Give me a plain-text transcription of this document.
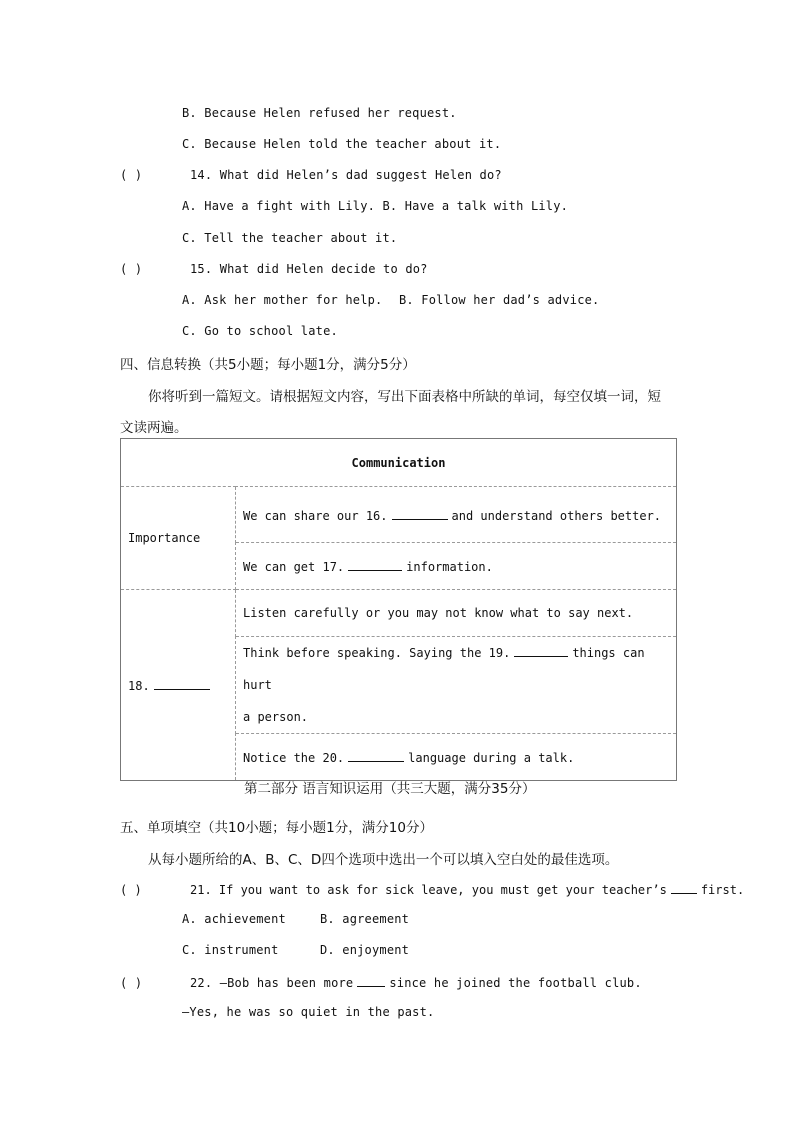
B. Because Helen refused her request.
C. Because Helen told the teacher about it.
( )	14. What did Helen’s dad suggest Helen do?
A. Have a fight with Lily. B. Have a talk with Lily.
C. Tell the teacher about it.
( )	15. What did Helen decide to do?
A. Ask her mother for help. B. Follow her dad’s advice.
C. Go to school late.
四、信息转换（共5小题；每小题1分，满分5分）
你将听到一篇短文。请根据短文内容，写出下面表格中所缺的单词，每空仅填一词，短
文读两遍。
Communication	
Importance	We can share our 16. and understand others better.
	We can get 17. information.
18.	Listen carefully or you may not know what to say next.
	Think before speaking. Saying the 19. things can hurt
a person.
	Notice the 20. language during a talk.
第二部分 语言知识运用（共三大题，满分35分）
五、单项填空（共10小题；每小题1分，满分10分）
从每小题所给的A、B、C、D四个选项中选出一个可以填入空白处的最佳选项。
( )	21. If you want to ask for sick leave, you must get your teacher’s	first.
A. achievement	B. agreement
C. instrument	D. enjoyment
( )	22. —Bob has been more	since he joined the football club.
—Yes, he was so quiet in the past.
